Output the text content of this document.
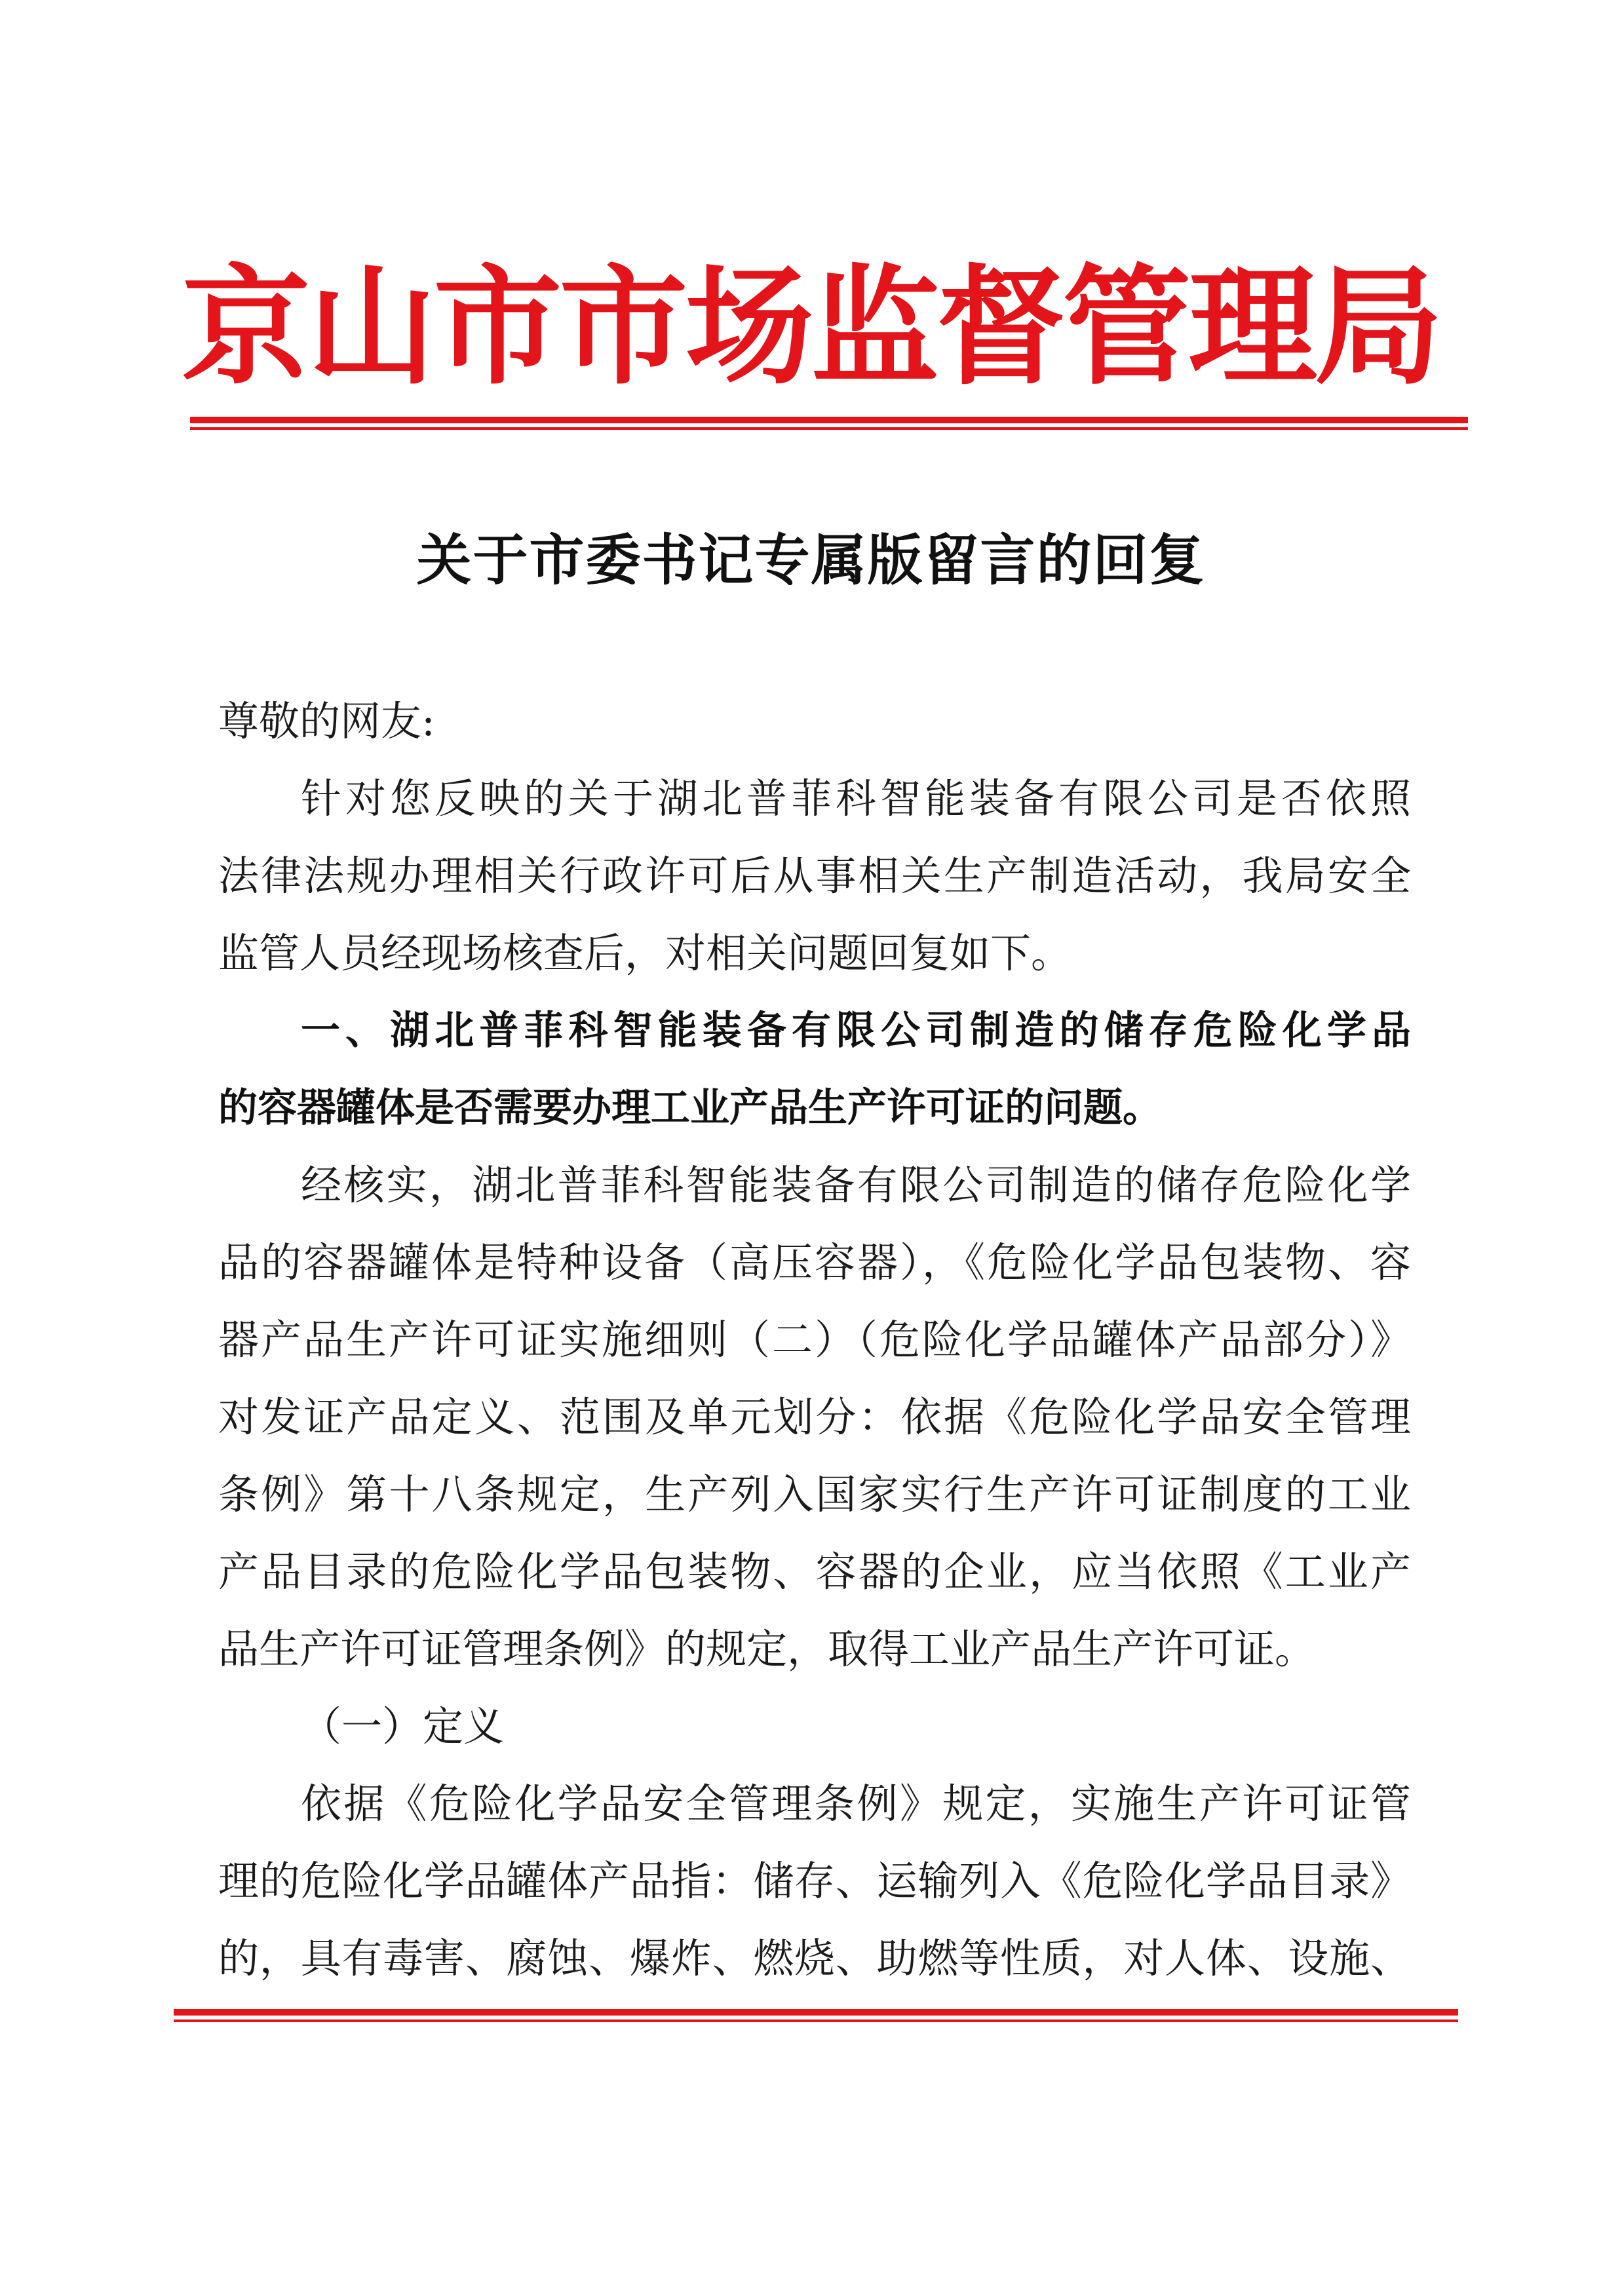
京山市市场监督管理局
关于市委书记专属版留言的回复
尊敬的网友:
针对您反映的关于湖北普菲科智能装备有限公司是否依照
法律法规办理相关行政许可后从事相关生产制造活动，我局安全
监管人员经现场核查后，对相关问题回复如下。
一、湖北普菲科智能装备有限公司制造的储存危险化学品
的容器罐体是否需要办理工业产品生产许可证的问题。
经核实，湖北普菲科智能装备有限公司制造的储存危险化学
品的容器罐体是特种设备（高压容器），《危险化学品包装物、容
器产品生产许可证实施细则（二）（危险化学品罐体产品部分）》
对发证产品定义、范围及单元划分：依据《危险化学品安全管理
条例》第十八条规定，生产列入国家实行生产许可证制度的工业
产品目录的危险化学品包装物、容器的企业，应当依照《工业产
品生产许可证管理条例》的规定，取得工业产品生产许可证。
（一）定义
依据《危险化学品安全管理条例》规定，实施生产许可证管
理的危险化学品罐体产品指：储存、运输列入《危险化学品目录》
的，具有毒害、腐蚀、爆炸、燃烧、助燃等性质，对人体、设施、
